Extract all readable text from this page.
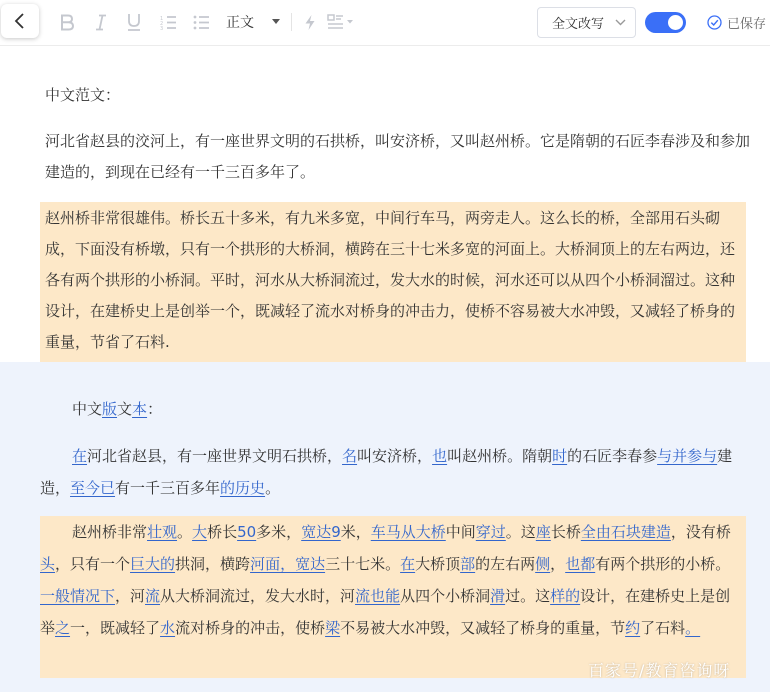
1
2
3	正文	全文改写	已保存
中文范文：
河北省赵县的洨河上，有一座世界文明的石拱桥，叫安济桥，又叫赵州桥。它是隋朝的石匠李春涉及和参加建造的，到现在已经有一千三百多年了。
赵州桥非常很雄伟。桥长五十多米，有九米多宽，中间行车马，两旁走人。这么长的桥，全部用石头砌成，下面没有桥墩，只有一个拱形的大桥洞，横跨在三十七米多宽的河面上。大桥洞顶上的左右两边，还各有两个拱形的小桥洞。平时，河水从大桥洞流过，发大水的时候，河水还可以从四个小桥洞溜过。这种设计，在建桥史上是创举一个，既减轻了流水对桥身的冲击力，使桥不容易被大水冲毁，又减轻了桥身的重量，节省了石料.
中文版文本：
在河北省赵县，有一座世界文明石拱桥，名叫安济桥，也叫赵州桥。隋朝时的石匠李春参与并参与建造，至今已有一千三百多年的历史。
赵州桥非常壮观。大桥长50多米，宽达9米，车马从大桥中间穿过。这座长桥全由石块建造，没有桥头，只有一个巨大的拱洞，横跨河面，宽达三十七米。在大桥顶部的左右两侧，也都有两个拱形的小桥。一般情况下，河流从大桥洞流过，发大水时，河流也能从四个小桥洞滑过。这样的设计，在建桥史上是创举之一，既减轻了水流对桥身的冲击，使桥梁不易被大水冲毁，又减轻了桥身的重量，节约了石料。
百家号/教育咨询呀
